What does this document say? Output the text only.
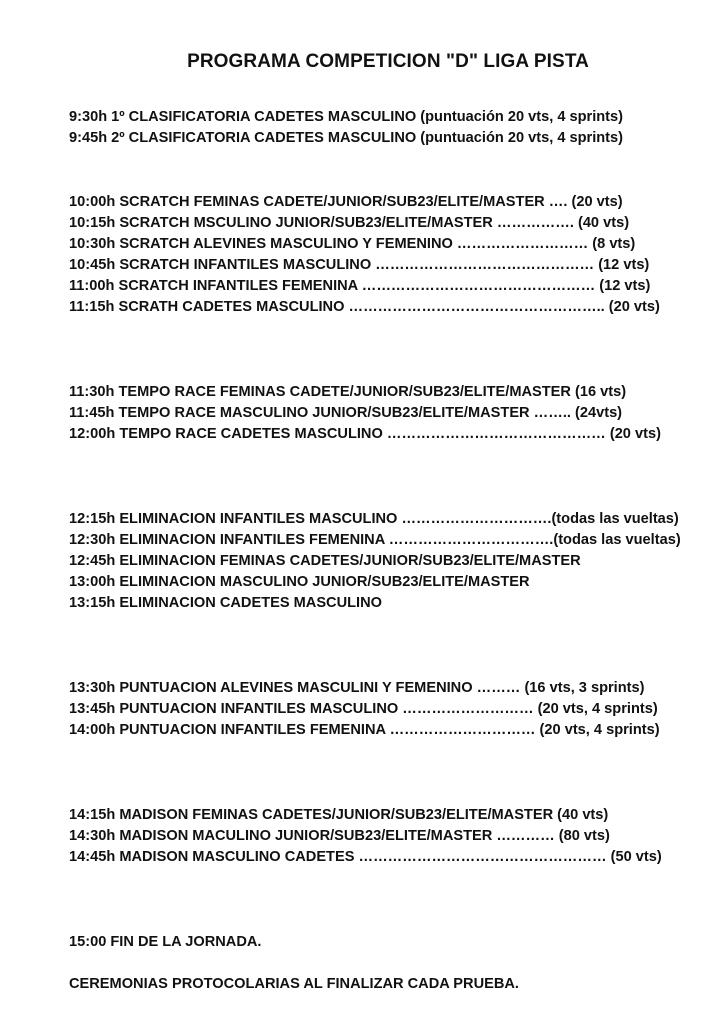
PROGRAMA COMPETICION "D" LIGA PISTA
9:30h 1º CLASIFICATORIA CADETES MASCULINO (puntuación 20 vts, 4 sprints)
9:45h 2º CLASIFICATORIA CADETES MASCULINO (puntuación 20 vts, 4 sprints)
10:00h SCRATCH FEMINAS CADETE/JUNIOR/SUB23/ELITE/MASTER …. (20 vts)
10:15h SCRATCH MSCULINO JUNIOR/SUB23/ELITE/MASTER ……………. (40 vts)
10:30h SCRATCH ALEVINES MASCULINO Y FEMENINO ……………………… (8 vts)
10:45h SCRATCH INFANTILES MASCULINO ……………………………………… (12 vts)
11:00h SCRATCH INFANTILES FEMENINA ………………………………………… (12 vts)
11:15h SCRATH CADETES MASCULINO …………………………………………….. (20 vts)
11:30h TEMPO RACE FEMINAS CADETE/JUNIOR/SUB23/ELITE/MASTER (16 vts)
11:45h TEMPO RACE MASCULINO JUNIOR/SUB23/ELITE/MASTER …….. (24vts)
12:00h TEMPO RACE CADETES MASCULINO ……………………………………… (20 vts)
12:15h ELIMINACION INFANTILES MASCULINO ………………………….(todas las vueltas)
12:30h ELIMINACION INFANTILES FEMENINA …………………………….(todas las vueltas)
12:45h ELIMINACION FEMINAS CADETES/JUNIOR/SUB23/ELITE/MASTER
13:00h ELIMINACION MASCULINO JUNIOR/SUB23/ELITE/MASTER
13:15h ELIMINACION CADETES MASCULINO
13:30h PUNTUACION ALEVINES MASCULINI Y FEMENINO ……… (16 vts, 3 sprints)
13:45h PUNTUACION INFANTILES MASCULINO ……………………… (20 vts, 4 sprints)
14:00h PUNTUACION INFANTILES FEMENINA ………………………… (20 vts, 4 sprints)
14:15h MADISON FEMINAS CADETES/JUNIOR/SUB23/ELITE/MASTER (40 vts)
14:30h MADISON MACULINO JUNIOR/SUB23/ELITE/MASTER ………… (80 vts)
14:45h MADISON MASCULINO CADETES …………………………………………… (50 vts)
15:00 FIN DE LA JORNADA.
CEREMONIAS PROTOCOLARIAS AL FINALIZAR CADA PRUEBA.
